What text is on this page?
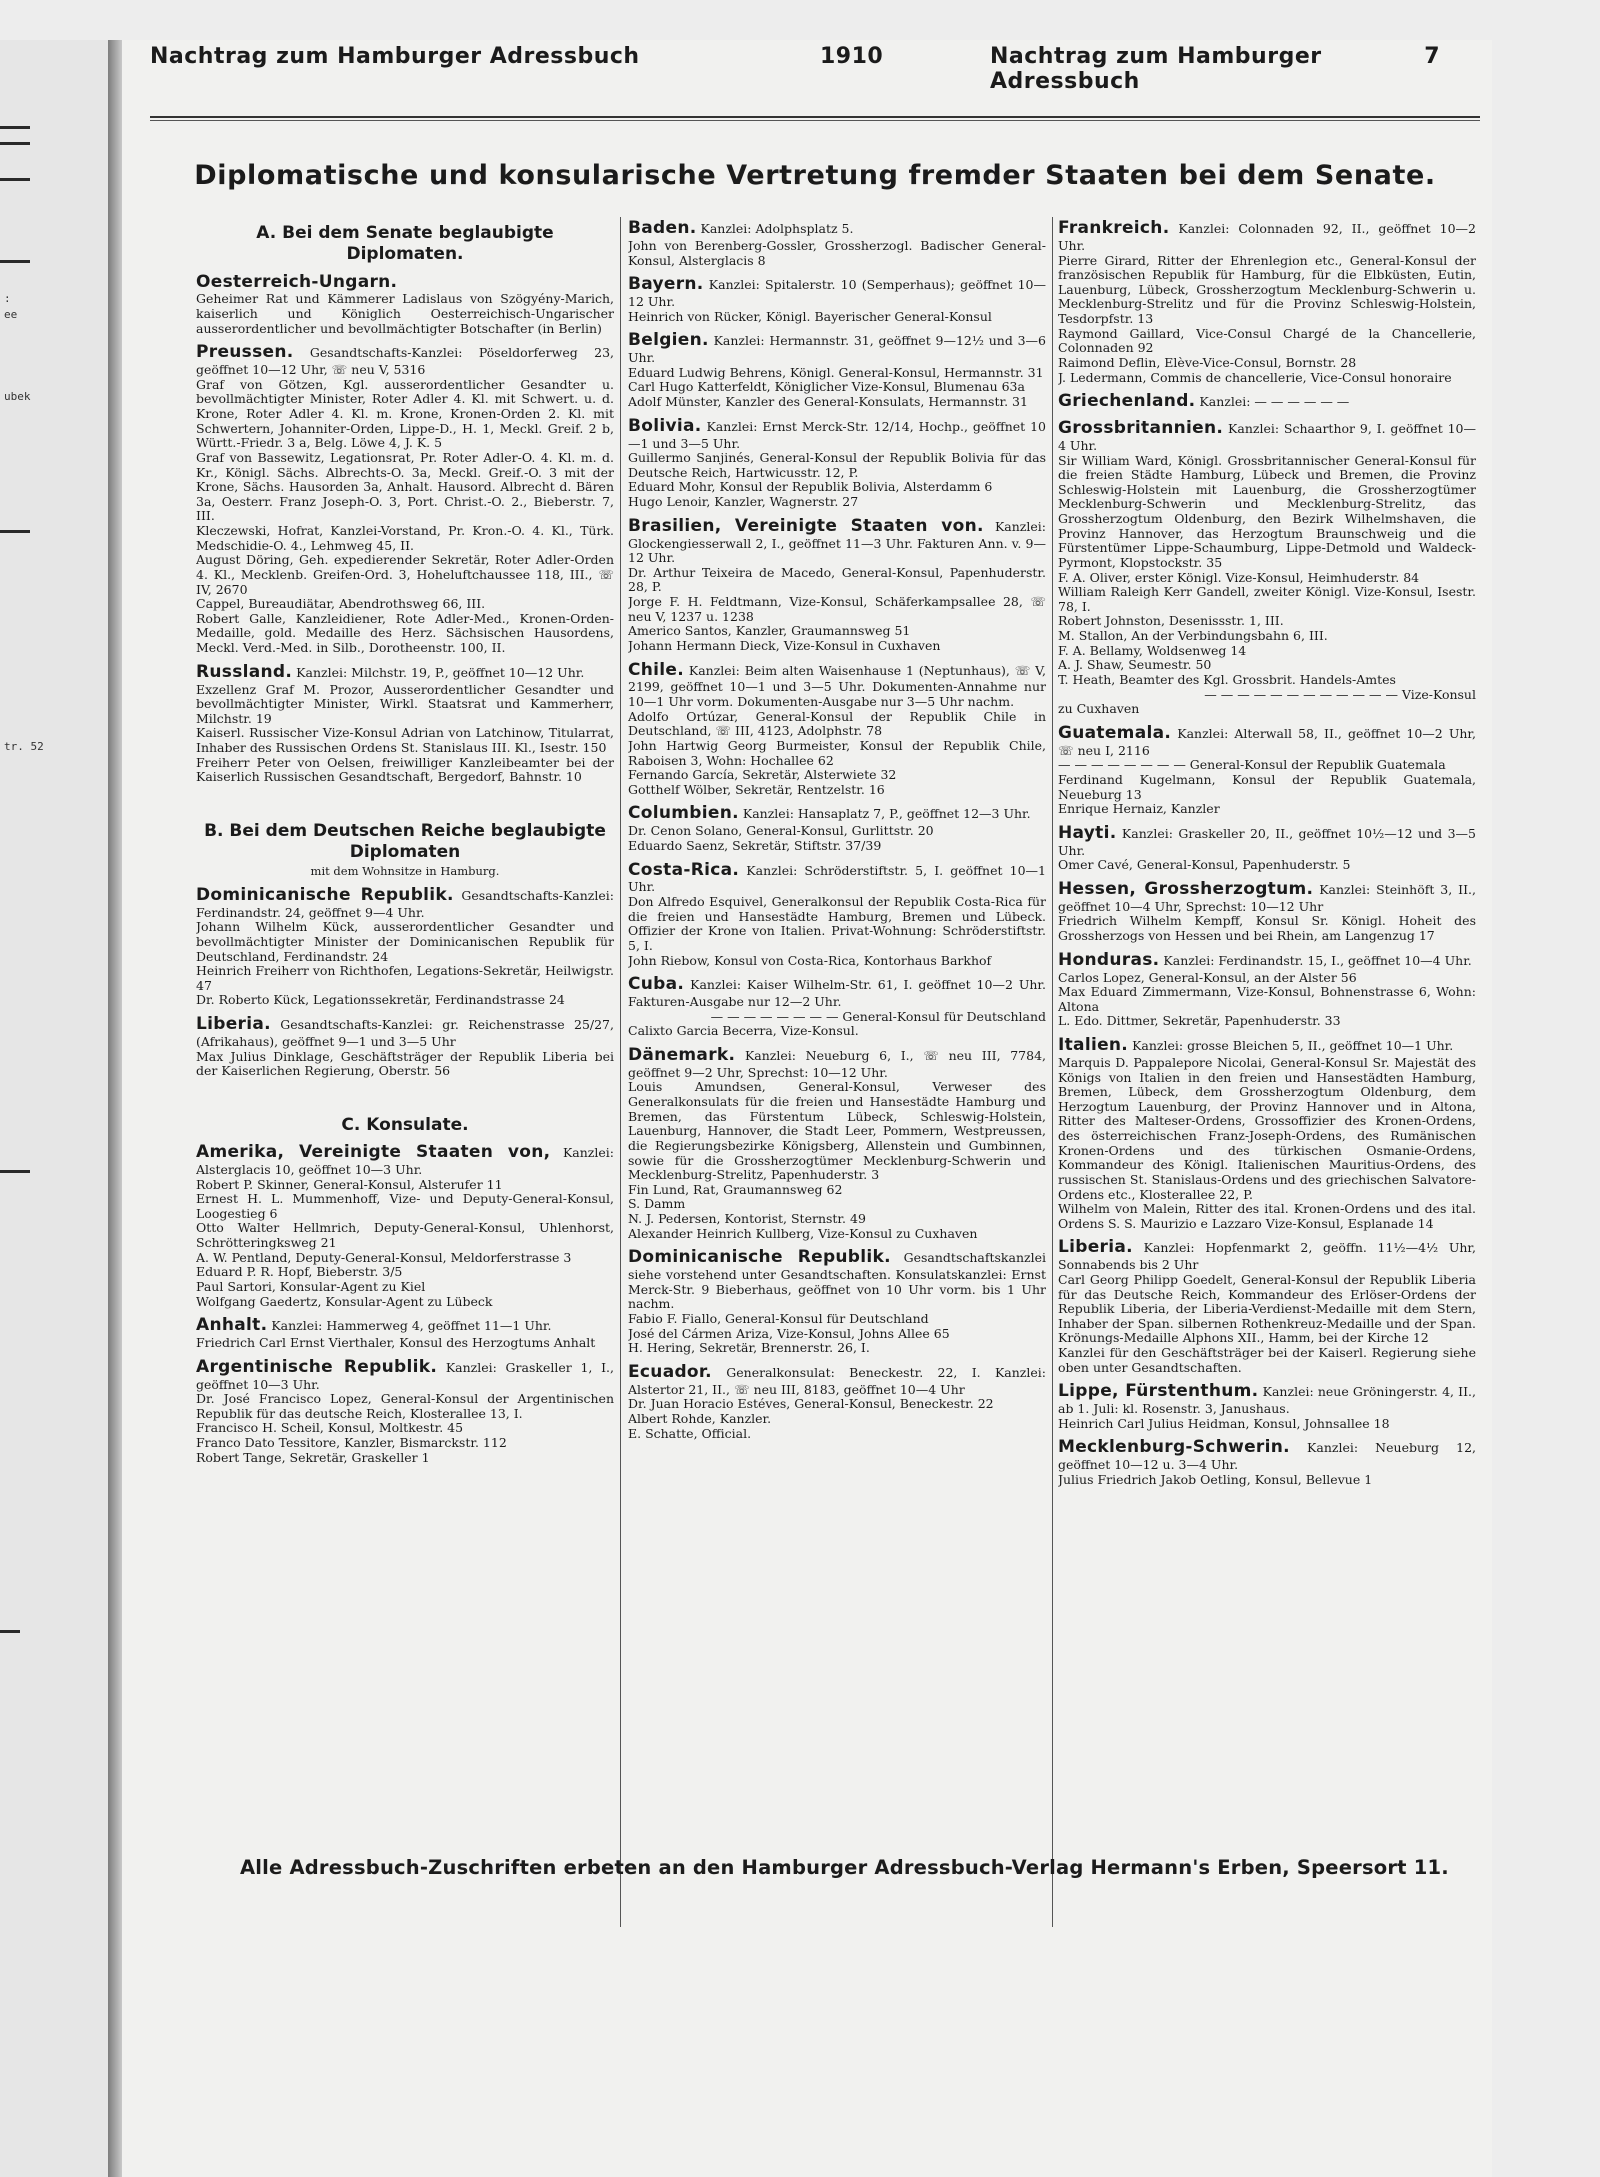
:
ee
ubek
tr. 52
Nachtrag zum Hamburger Adressbuch	1910	Nachtrag zum Hamburger Adressbuch
7
Diplomatische und konsularische Vertretung fremder Staaten bei dem Senate.
A. Bei dem Senate beglaubigte Diplomaten.
Oesterreich-Ungarn.
Geheimer Rat und Kämmerer Ladislaus von Szögyény-Marich, kaiserlich und Königlich Oesterreichisch-Ungarischer ausserordentlicher und bevollmächtigter Botschafter (in Berlin)
Preussen. Gesandtschafts-Kanzlei: Pöseldorferweg 23, geöffnet 10—12 Uhr, ☏ neu V, 5316
Graf von Götzen, Kgl. ausserordentlicher Gesandter u. bevollmächtigter Minister, Roter Adler 4. Kl. mit Schwert. u. d. Krone, Roter Adler 4. Kl. m. Krone, Kronen-Orden 2. Kl. mit Schwertern, Johanniter-Orden, Lippe-D., H. 1, Meckl. Greif. 2 b, Württ.-Friedr. 3 a, Belg. Löwe 4, J. K. 5
Graf von Bassewitz, Legationsrat, Pr. Roter Adler-O. 4. Kl. m. d. Kr., Königl. Sächs. Albrechts-O. 3a, Meckl. Greif.-O. 3 mit der Krone, Sächs. Hausorden 3a, Anhalt. Hausord. Albrecht d. Bären 3a, Oesterr. Franz Joseph-O. 3, Port. Christ.-O. 2., Bieberstr. 7, III.
Kleczewski, Hofrat, Kanzlei-Vorstand, Pr. Kron.-O. 4. Kl., Türk. Medschidie-O. 4., Lehmweg 45, II.
August Döring, Geh. expedierender Sekretär, Roter Adler-Orden 4. Kl., Mecklenb. Greifen-Ord. 3, Hoheluftchaussee 118, III., ☏ IV, 2670
Cappel, Bureaudiätar, Abendrothsweg 66, III.
Robert Galle, Kanzleidiener, Rote Adler-Med., Kronen-Orden-Medaille, gold. Medaille des Herz. Sächsischen Hausordens, Meckl. Verd.-Med. in Silb., Dorotheenstr. 100, II.
Russland. Kanzlei: Milchstr. 19, P., geöffnet 10—12 Uhr.
Exzellenz Graf M. Prozor, Ausserordentlicher Gesandter und bevollmächtigter Minister, Wirkl. Staatsrat und Kammerherr, Milchstr. 19
Kaiserl. Russischer Vize-Konsul Adrian von Latchinow, Titularrat, Inhaber des Russischen Ordens St. Stanislaus III. Kl., Isestr. 150
Freiherr Peter von Oelsen, freiwilliger Kanzleibeamter bei der Kaiserlich Russischen Gesandtschaft, Bergedorf, Bahnstr. 10
B. Bei dem Deutschen Reiche beglaubigte Diplomaten
mit dem Wohnsitze in Hamburg.
Dominicanische Republik. Gesandtschafts-Kanzlei: Ferdinandstr. 24, geöffnet 9—4 Uhr.
Johann Wilhelm Kück, ausserordentlicher Gesandter und bevollmächtigter Minister der Dominicanischen Republik für Deutschland, Ferdinandstr. 24
Heinrich Freiherr von Richthofen, Legations-Sekretär, Heilwigstr. 47
Dr. Roberto Kück, Legationssekretär, Ferdinandstrasse 24
Liberia. Gesandtschafts-Kanzlei: gr. Reichenstrasse 25/27, (Afrikahaus), geöffnet 9—1 und 3—5 Uhr
Max Julius Dinklage, Geschäftsträger der Republik Liberia bei der Kaiserlichen Regierung, Oberstr. 56
C. Konsulate.
Amerika, Vereinigte Staaten von, Kanzlei: Alsterglacis 10, geöffnet 10—3 Uhr.
Robert P. Skinner, General-Konsul, Alsterufer 11
Ernest H. L. Mummenhoff, Vize- und Deputy-General-Konsul, Loogestieg 6
Otto Walter Hellmrich, Deputy-General-Konsul, Uhlenhorst, Schrötteringksweg 21
A. W. Pentland, Deputy-General-Konsul, Meldorferstrasse 3
Eduard P. R. Hopf, Bieberstr. 3/5
Paul Sartori, Konsular-Agent zu Kiel
Wolfgang Gaedertz, Konsular-Agent zu Lübeck
Anhalt. Kanzlei: Hammerweg 4, geöffnet 11—1 Uhr.
Friedrich Carl Ernst Vierthaler, Konsul des Herzogtums Anhalt
Argentinische Republik. Kanzlei: Graskeller 1, I., geöffnet 10—3 Uhr.
Dr. José Francisco Lopez, General-Konsul der Argentinischen Republik für das deutsche Reich, Klosterallee 13, I.
Francisco H. Scheil, Konsul, Moltkestr. 45
Franco Dato Tessitore, Kanzler, Bismarckstr. 112
Robert Tange, Sekretär, Graskeller 1
Baden. Kanzlei: Adolphsplatz 5.
John von Berenberg-Gossler, Grossherzogl. Badischer General-Konsul, Alsterglacis 8
Bayern. Kanzlei: Spitalerstr. 10 (Semperhaus); geöffnet 10—12 Uhr.
Heinrich von Rücker, Königl. Bayerischer General-Konsul
Belgien. Kanzlei: Hermannstr. 31, geöffnet 9—12½ und 3—6 Uhr.
Eduard Ludwig Behrens, Königl. General-Konsul, Hermannstr. 31
Carl Hugo Katterfeldt, Königlicher Vize-Konsul, Blumenau 63a
Adolf Münster, Kanzler des General-Konsulats, Hermannstr. 31
Bolivia. Kanzlei: Ernst Merck-Str. 12/14, Hochp., geöffnet 10—1 und 3—5 Uhr.
Guillermo Sanjinés, General-Konsul der Republik Bolivia für das Deutsche Reich, Hartwicusstr. 12, P.
Eduard Mohr, Konsul der Republik Bolivia, Alsterdamm 6
Hugo Lenoir, Kanzler, Wagnerstr. 27
Brasilien, Vereinigte Staaten von. Kanzlei: Glockengiesserwall 2, I., geöffnet 11—3 Uhr. Fakturen Ann. v. 9—12 Uhr.
Dr. Arthur Teixeira de Macedo, General-Konsul, Papenhuderstr. 28, P.
Jorge F. H. Feldtmann, Vize-Konsul, Schäferkampsallee 28, ☏ neu V, 1237 u. 1238
Americo Santos, Kanzler, Graumannsweg 51
Johann Hermann Dieck, Vize-Konsul in Cuxhaven
Chile. Kanzlei: Beim alten Waisenhause 1 (Neptunhaus), ☏ V, 2199, geöffnet 10—1 und 3—5 Uhr. Dokumenten-Annahme nur 10—1 Uhr vorm. Dokumenten-Ausgabe nur 3—5 Uhr nachm.
Adolfo Ortúzar, General-Konsul der Republik Chile in Deutschland, ☏ III, 4123, Adolphstr. 78
John Hartwig Georg Burmeister, Konsul der Republik Chile, Raboisen 3, Wohn: Hochallee 62
Fernando García, Sekretär, Alsterwiete 32
Gotthelf Wölber, Sekretär, Rentzelstr. 16
Columbien. Kanzlei: Hansaplatz 7, P., geöffnet 12—3 Uhr.
Dr. Cenon Solano, General-Konsul, Gurlittstr. 20
Eduardo Saenz, Sekretär, Stiftstr. 37/39
Costa-Rica. Kanzlei: Schröderstiftstr. 5, I. geöffnet 10—1 Uhr.
Don Alfredo Esquivel, Generalkonsul der Republik Costa-Rica für die freien und Hansestädte Hamburg, Bremen und Lübeck. Offizier der Krone von Italien. Privat-Wohnung: Schröderstiftstr. 5, I.
John Riebow, Konsul von Costa-Rica, Kontorhaus Barkhof
Cuba. Kanzlei: Kaiser Wilhelm-Str. 61, I. geöffnet 10—2 Uhr. Fakturen-Ausgabe nur 12—2 Uhr.
— — — — — — — — General-Konsul für Deutschland
Calixto Garcia Becerra, Vize-Konsul.
Dänemark. Kanzlei: Neueburg 6, I., ☏ neu III, 7784, geöffnet 9—2 Uhr, Sprechst: 10—12 Uhr.
Louis Amundsen, General-Konsul, Verweser des Generalkonsulats für die freien und Hansestädte Hamburg und Bremen, das Fürstentum Lübeck, Schleswig-Holstein, Lauenburg, Hannover, die Stadt Leer, Pommern, Westpreussen, die Regierungsbezirke Königsberg, Allenstein und Gumbinnen, sowie für die Grossherzogtümer Mecklenburg-Schwerin und Mecklenburg-Strelitz, Papenhuderstr. 3
Fin Lund, Rat, Graumannsweg 62
S. Damm
N. J. Pedersen, Kontorist, Sternstr. 49
Alexander Heinrich Kullberg, Vize-Konsul zu Cuxhaven
Dominicanische Republik. Gesandtschaftskanzlei siehe vorstehend unter Gesandtschaften. Konsulatskanzlei: Ernst Merck-Str. 9 Bieberhaus, geöffnet von 10 Uhr vorm. bis 1 Uhr nachm.
Fabio F. Fiallo, General-Konsul für Deutschland
José del Cármen Ariza, Vize-Konsul, Johns Allee 65
H. Hering, Sekretär, Brennerstr. 26, I.
Ecuador. Generalkonsulat: Beneckestr. 22, I. Kanzlei: Alstertor 21, II., ☏ neu III, 8183, geöffnet 10—4 Uhr
Dr. Juan Horacio Estéves, General-Konsul, Beneckestr. 22
Albert Rohde, Kanzler.
E. Schatte, Official.
Frankreich. Kanzlei: Colonnaden 92, II., geöffnet 10—2 Uhr.
Pierre Girard, Ritter der Ehrenlegion etc., General-Konsul der französischen Republik für Hamburg, für die Elbküsten, Eutin, Lauenburg, Lübeck, Grossherzogtum Mecklenburg-Schwerin u. Mecklenburg-Strelitz und für die Provinz Schleswig-Holstein, Tesdorpfstr. 13
Raymond Gaillard, Vice-Consul Chargé de la Chancellerie, Colonnaden 92
Raimond Deflin, Elève-Vice-Consul, Bornstr. 28
J. Ledermann, Commis de chancellerie, Vice-Consul honoraire
Griechenland. Kanzlei: — — — — — —
Grossbritannien. Kanzlei: Schaarthor 9, I. geöffnet 10—4 Uhr.
Sir William Ward, Königl. Grossbritannischer General-Konsul für die freien Städte Hamburg, Lübeck und Bremen, die Provinz Schleswig-Holstein mit Lauenburg, die Grossherzogtümer Mecklenburg-Schwerin und Mecklenburg-Strelitz, das Grossherzogtum Oldenburg, den Bezirk Wilhelmshaven, die Provinz Hannover, das Herzogtum Braunschweig und die Fürstentümer Lippe-Schaumburg, Lippe-Detmold und Waldeck-Pyrmont, Klopstockstr. 35
F. A. Oliver, erster Königl. Vize-Konsul, Heimhuderstr. 84
William Raleigh Kerr Gandell, zweiter Königl. Vize-Konsul, Isestr. 78, I.
Robert Johnston, Desenissstr. 1, III.
M. Stallon, An der Verbindungsbahn 6, III.
F. A. Bellamy, Woldsenweg 14
A. J. Shaw, Seumestr. 50
T. Heath, Beamter des Kgl. Grossbrit. Handels-Amtes
— — — — — — — — — — — — Vize-Konsul
zu Cuxhaven
Guatemala. Kanzlei: Alterwall 58, II., geöffnet 10—2 Uhr, ☏ neu I, 2116
— — — — — — — — General-Konsul der Republik Guatemala
Ferdinand Kugelmann, Konsul der Republik Guatemala, Neueburg 13
Enrique Hernaiz, Kanzler
Hayti. Kanzlei: Graskeller 20, II., geöffnet 10½—12 und 3—5 Uhr.
Omer Cavé, General-Konsul, Papenhuderstr. 5
Hessen, Grossherzogtum. Kanzlei: Steinhöft 3, II., geöffnet 10—4 Uhr, Sprechst: 10—12 Uhr
Friedrich Wilhelm Kempff, Konsul Sr. Königl. Hoheit des Grossherzogs von Hessen und bei Rhein, am Langenzug 17
Honduras. Kanzlei: Ferdinandstr. 15, I., geöffnet 10—4 Uhr.
Carlos Lopez, General-Konsul, an der Alster 56
Max Eduard Zimmermann, Vize-Konsul, Bohnenstrasse 6, Wohn: Altona
L. Edo. Dittmer, Sekretär, Papenhuderstr. 33
Italien. Kanzlei: grosse Bleichen 5, II., geöffnet 10—1 Uhr.
Marquis D. Pappalepore Nicolai, General-Konsul Sr. Majestät des Königs von Italien in den freien und Hansestädten Hamburg, Bremen, Lübeck, dem Grossherzogtum Oldenburg, dem Herzogtum Lauenburg, der Provinz Hannover und in Altona, Ritter des Malteser-Ordens, Grossoffizier des Kronen-Ordens, des österreichischen Franz-Joseph-Ordens, des Rumänischen Kronen-Ordens und des türkischen Osmanie-Ordens, Kommandeur des Königl. Italienischen Mauritius-Ordens, des russischen St. Stanislaus-Ordens und des griechischen Salvatore-Ordens etc., Klosterallee 22, P.
Wilhelm von Malein, Ritter des ital. Kronen-Ordens und des ital. Ordens S. S. Maurizio e Lazzaro Vize-Konsul, Esplanade 14
Liberia. Kanzlei: Hopfenmarkt 2, geöffn. 11½—4½ Uhr, Sonnabends bis 2 Uhr
Carl Georg Philipp Goedelt, General-Konsul der Republik Liberia für das Deutsche Reich, Kommandeur des Erlöser-Ordens der Republik Liberia, der Liberia-Verdienst-Medaille mit dem Stern, Inhaber der Span. silbernen Rothenkreuz-Medaille und der Span. Krönungs-Medaille Alphons XII., Hamm, bei der Kirche 12
Kanzlei für den Geschäftsträger bei der Kaiserl. Regierung siehe oben unter Gesandtschaften.
Lippe, Fürstenthum. Kanzlei: neue Gröningerstr. 4, II., ab 1. Juli: kl. Rosenstr. 3, Janushaus.
Heinrich Carl Julius Heidman, Konsul, Johnsallee 18
Mecklenburg-Schwerin. Kanzlei: Neueburg 12, geöffnet 10—12 u. 3—4 Uhr.
Julius Friedrich Jakob Oetling, Konsul, Bellevue 1
Alle Adressbuch-Zuschriften erbeten an den Hamburger Adressbuch-Verlag Hermann's Erben, Speersort 11.
